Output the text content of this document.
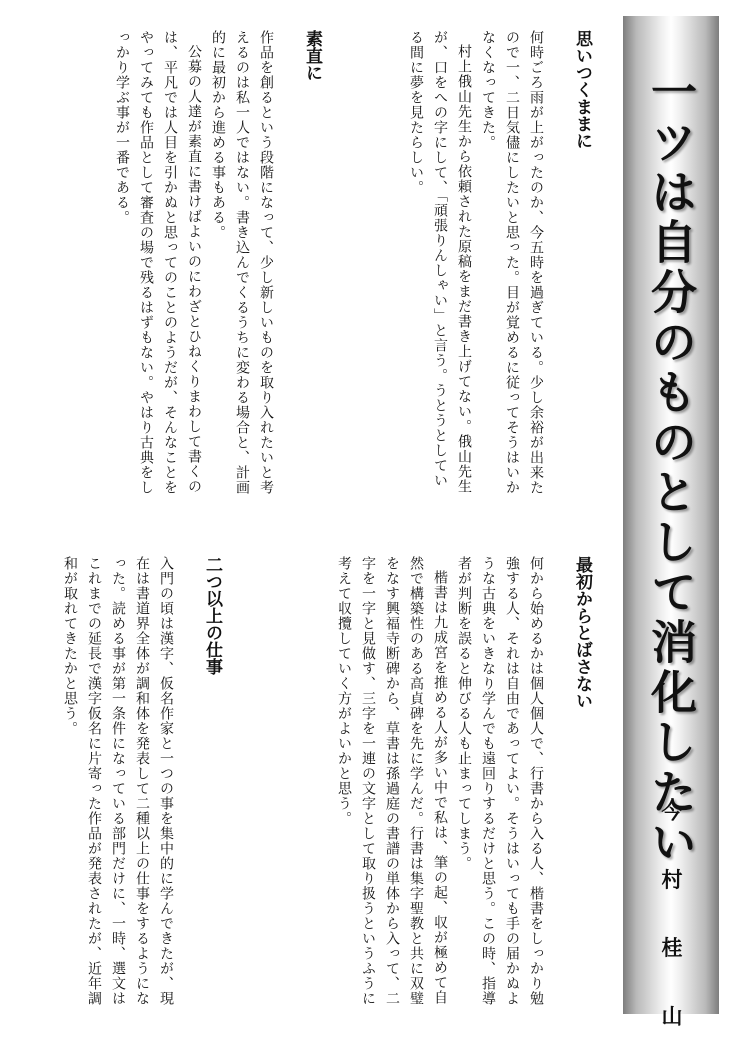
一ツは自分のものとして消化したい
今 村 桂 山
思いつくままに

何時ごろ雨が上がったのか、今五時を過ぎている。少し余裕が出来たので一、二日気儘にしたいと思った。目が覚めるに従ってそうはいかなくなってきた。

村上俄山先生から依頼された原稿をまだ書き上げてない。俄山先生が、口をへの字にして、「頑張りんしゃい」と言う。うとうとしている間に夢を見たらしい。

素直に

作品を創るという段階になって、少し新しいものを取り入れたいと考えるのは私一人ではない。書き込んでくるうちに変わる場合と、計画的に最初から進める事もある。

公募の人達が素直に書けばよいのにわざとひねくりまわして書くのは、平凡では人目を引かぬと思ってのことのようだが、そんなことをやってみても作品として審査の場で残るはずもない。やはり古典をしっかり学ぶ事が一番である。

最初からとばさない

何から始めるかは個人個人で、行書から入る人、楷書をしっかり勉強する人、それは自由であってよい。そうはいっても手の届かぬような古典をいきなり学んでも遠回りするだけと思う。この時、指導者が判断を誤ると伸びる人も止まってしまう。

楷書は九成宮を推める人が多い中で私は、筆の起、収が極めて自然で構築性のある高貞碑を先に学んだ。行書は集字聖教と共に双璧をなす興福寺断碑から、草書は孫過庭の書譜の単体から入って、二字を一字と見做す、三字を一連の文字として取り扱うというふうに考えて収攬していく方がよいかと思う。

二つ以上の仕事

入門の頃は漢字、仮名作家と一つの事を集中的に学んできたが、現在は書道界全体が調和体を発表して二種以上の仕事をするようになった。読める事が第一条件になっている部門だけに、一時、選文はこれまでの延長で漢字仮名に片寄った作品が発表されたが、近年調和が取れてきたかと思う。
